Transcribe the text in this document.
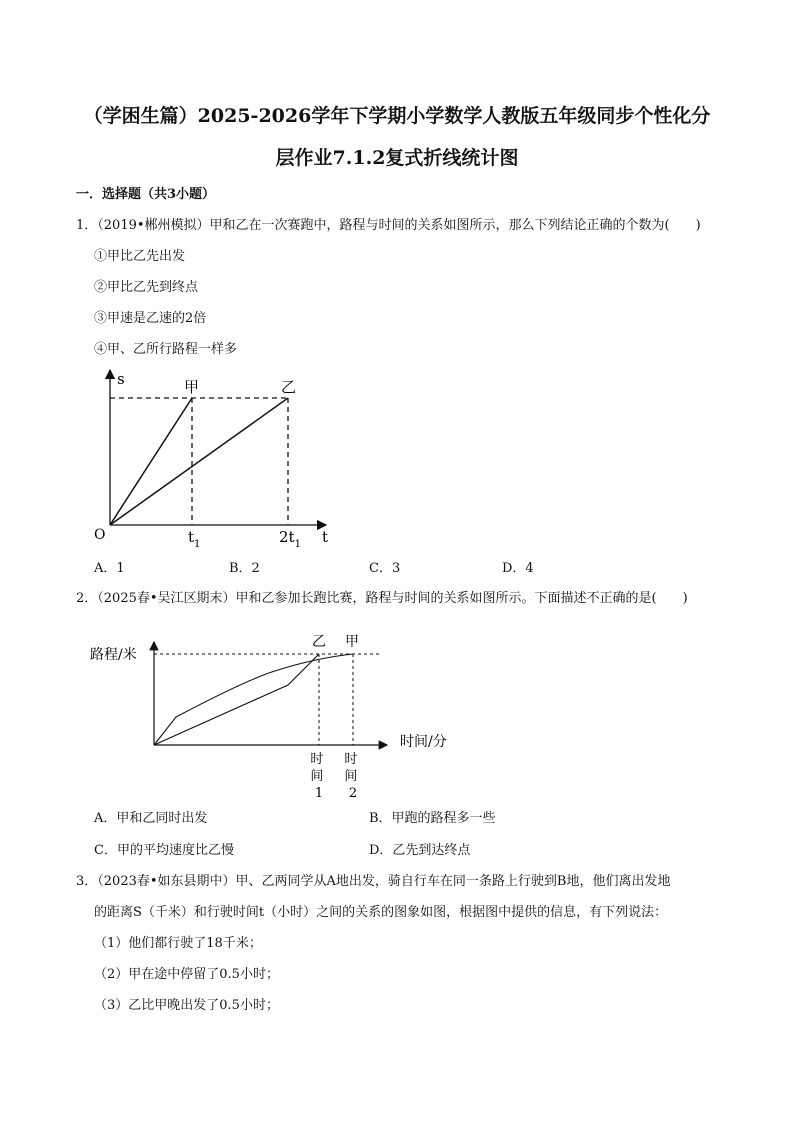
（学困生篇）2025-2026学年下学期小学数学人教版五年级同步个性化分
层作业7.1.2复式折线统计图
一．选择题（共3小题）
1．（2019•郴州模拟）甲和乙在一次赛跑中，路程与时间的关系如图所示，那么下列结论正确的个数为(　　)
①甲比乙先出发
②甲比乙先到终点
③甲速是乙速的2倍
④甲、乙所行路程一样多
s	甲	乙
O	t
$t_1$	$2t_1$
A．1	B．2	C．3	D．4
2．（2025春•吴江区期末）甲和乙参加长跑比赛，路程与时间的关系如图所示。下面描述不正确的是(　　)
路程/米
乙 甲
时间/分
时 间 1
时 间 2
A．甲和乙同时出发	B．甲跑的路程多一些
C．甲的平均速度比乙慢	D．乙先到达终点
3．（2023春•如东县期中）甲、乙两同学从A地出发，骑自行车在同一条路上行驶到B地，他们离出发地
的距离S（千米）和行驶时间t（小时）之间的关系的图象如图，根据图中提供的信息，有下列说法：
（1）他们都行驶了18千米；
（2）甲在途中停留了0.5小时；
（3）乙比甲晚出发了0.5小时；
